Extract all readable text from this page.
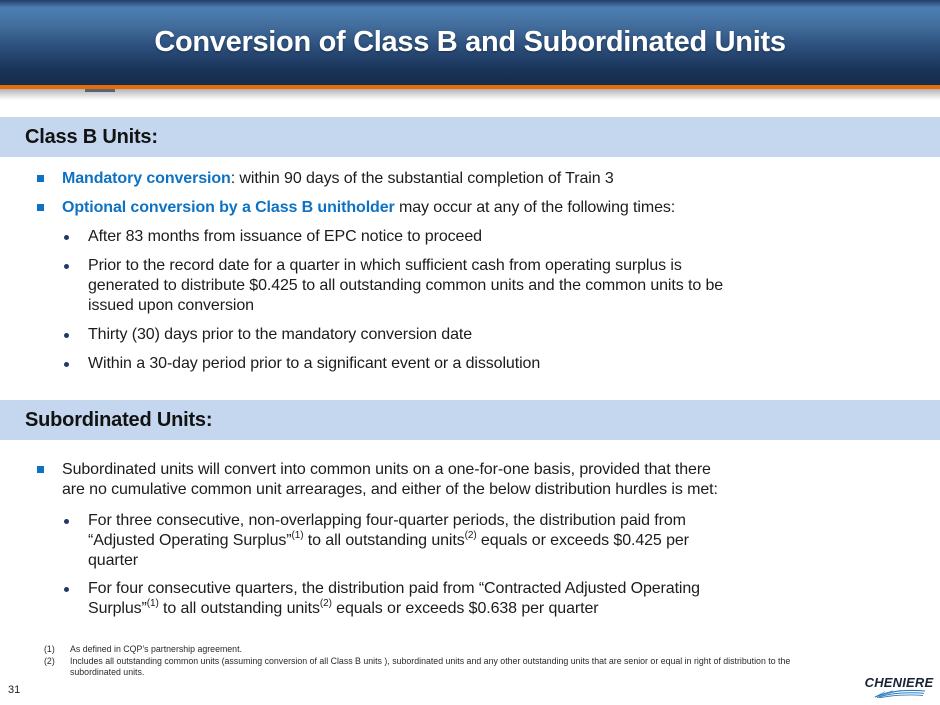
Conversion of Class B and Subordinated Units
Class B Units:
Mandatory conversion: within 90 days of the substantial completion of Train 3
Optional conversion by a Class B unitholder may occur at any of the following times:
After 83 months from issuance of EPC notice to proceed
Prior to the record date for a quarter in which sufficient cash from operating surplus is
generated to distribute $0.425 to all outstanding common units and the common units to be
issued upon conversion
Thirty (30) days prior to the mandatory conversion date
Within a 30-day period prior to a significant event or a dissolution
Subordinated Units:
Subordinated units will convert into common units on a one-for-one basis, provided that there
are no cumulative common unit arrearages, and either of the below distribution hurdles is met:
For three consecutive, non-overlapping four-quarter periods, the distribution paid from
“Adjusted Operating Surplus”$^{(1)}$ to all outstanding units$^{(2)}$ equals or exceeds $0.425 per
quarter
For four consecutive quarters, the distribution paid from “Contracted Adjusted Operating
Surplus”$^{(1)}$ to all outstanding units$^{(2)}$ equals or exceeds $0.638 per quarter
(1)	As defined in CQP’s partnership agreement.
(2)	Includes all outstanding common units (assuming conversion of all Class B units ), subordinated units and any other outstanding units that are senior or equal in right of distribution to the
subordinated units.
31	CHENIERE
